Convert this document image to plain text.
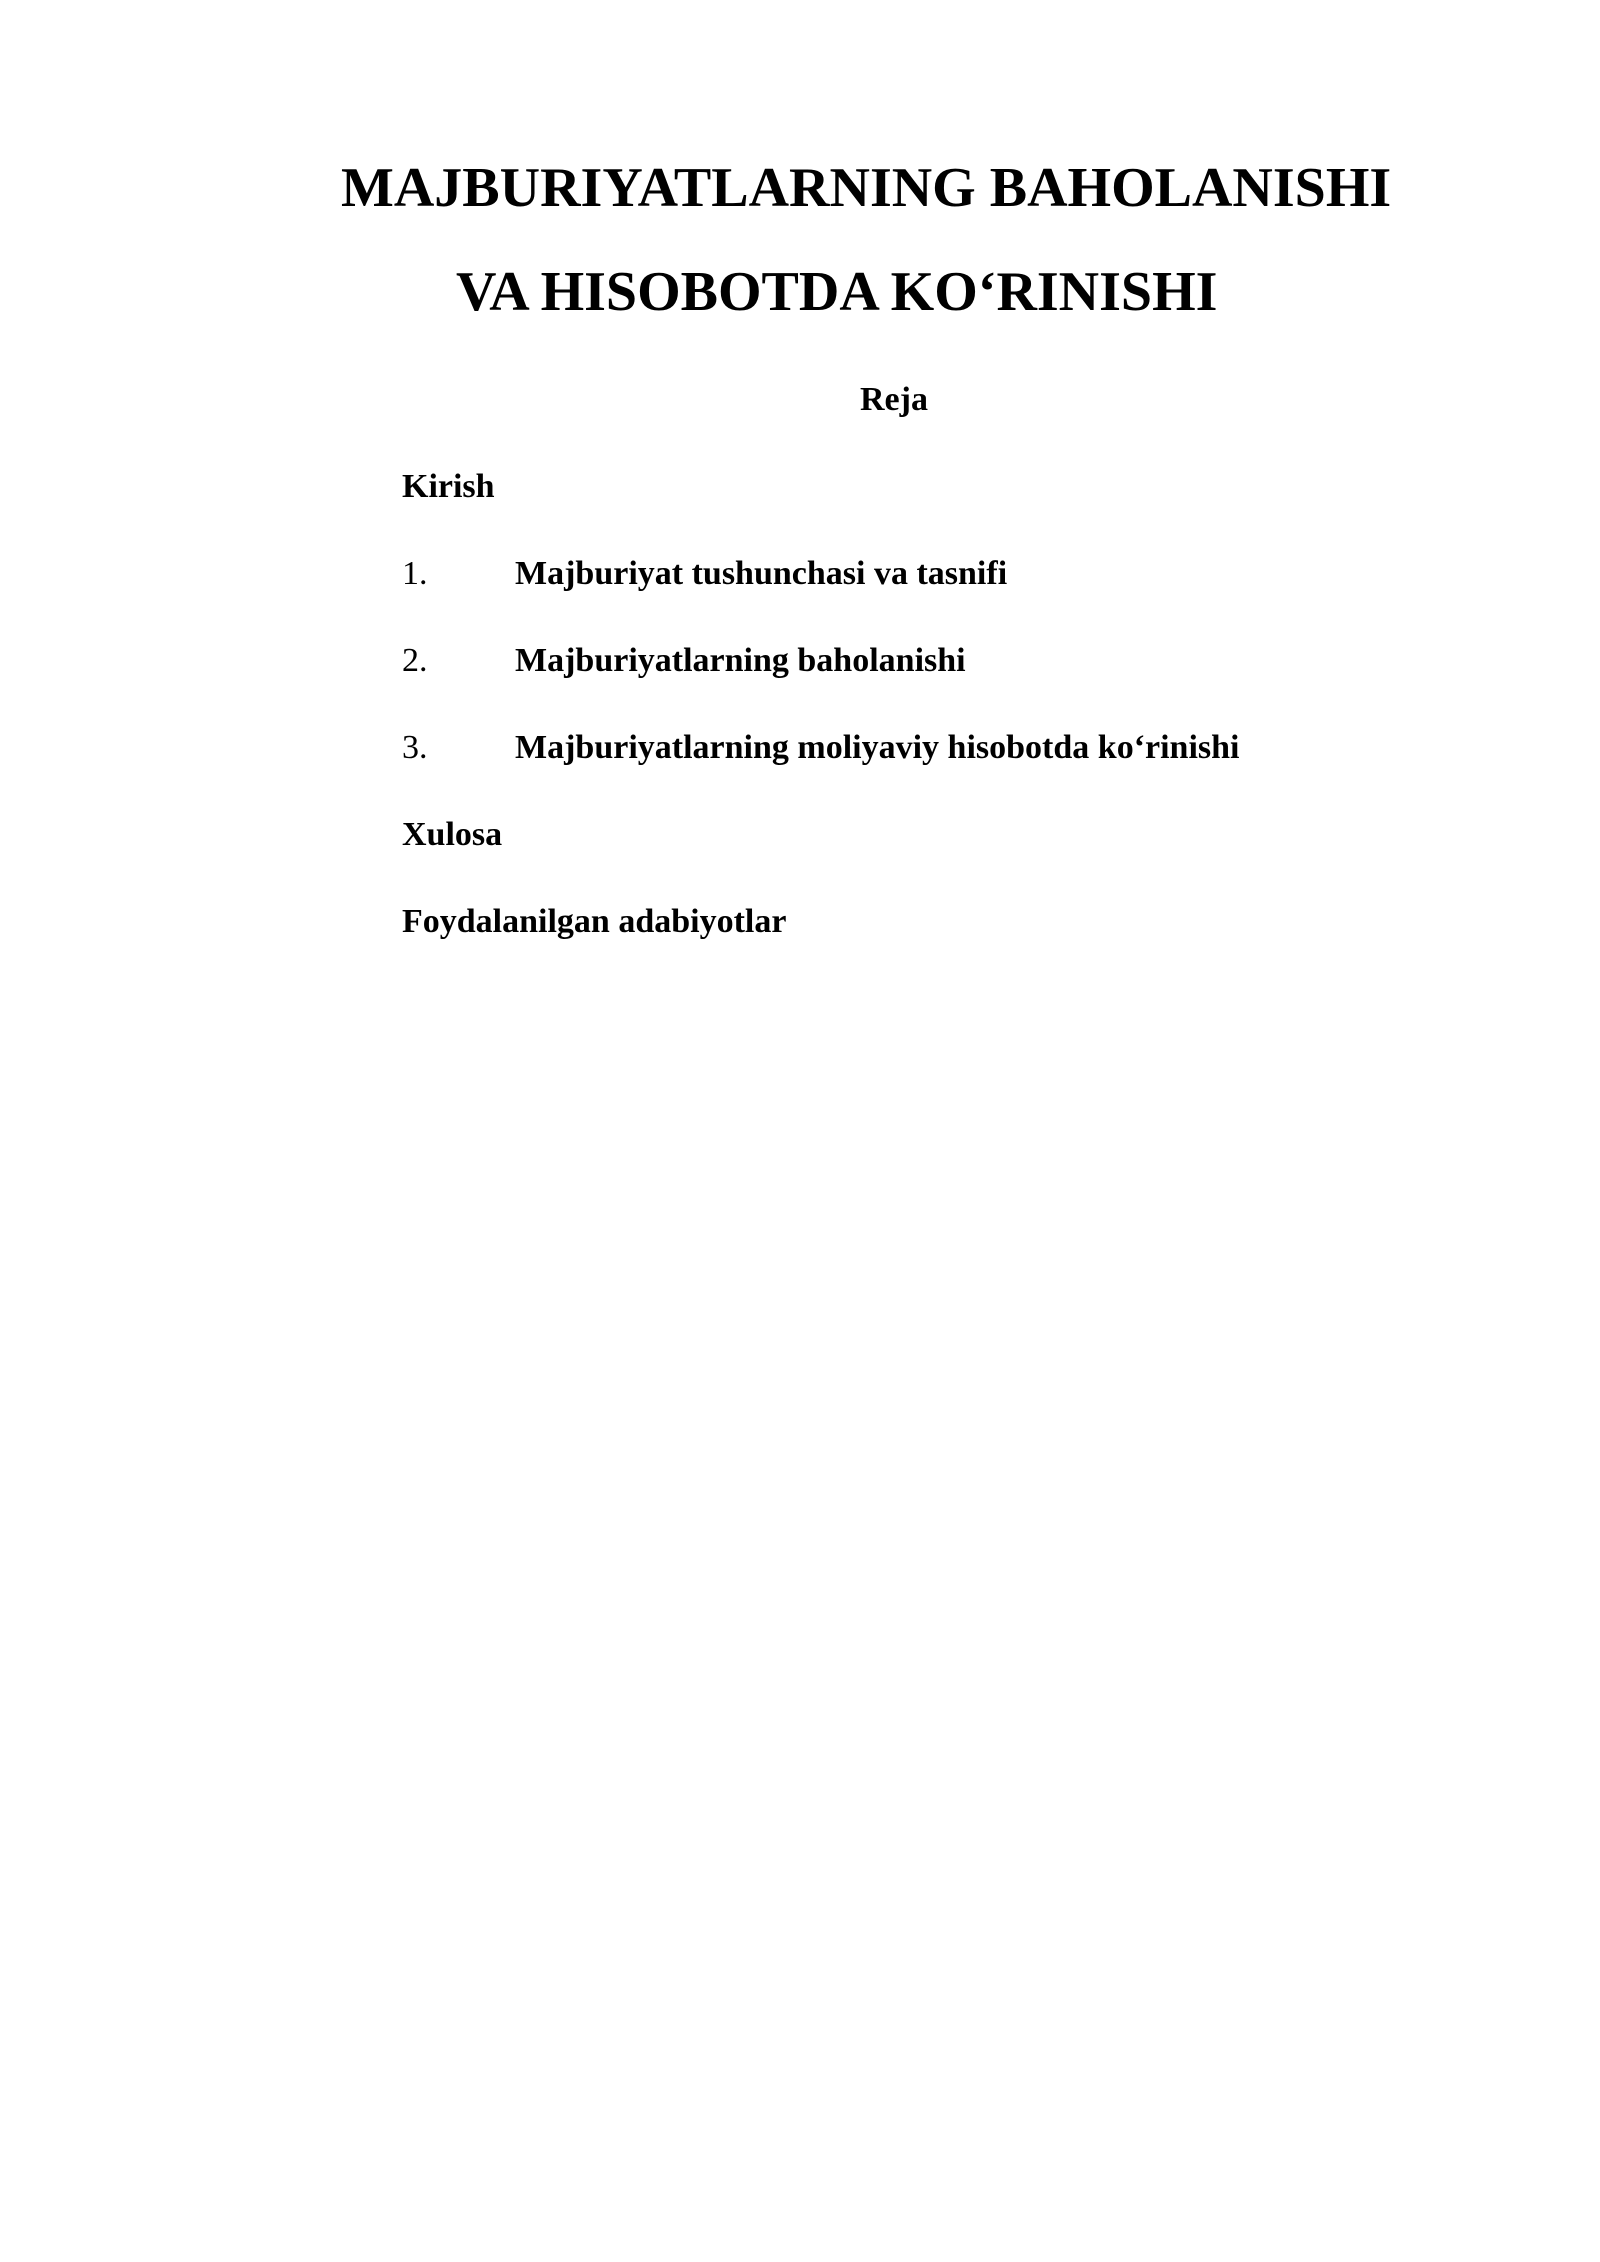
MAJBURIYATLARNING BAHOLANISHI
VA HISOBOTDA KO‘RINISHI
Reja
Kirish
1.	Majburiyat tushunchasi va tasnifi
2.	Majburiyatlarning baholanishi
3.	Majburiyatlarning moliyaviy hisobotda ko‘rinishi
Xulosa
Foydalanilgan adabiyotlar
